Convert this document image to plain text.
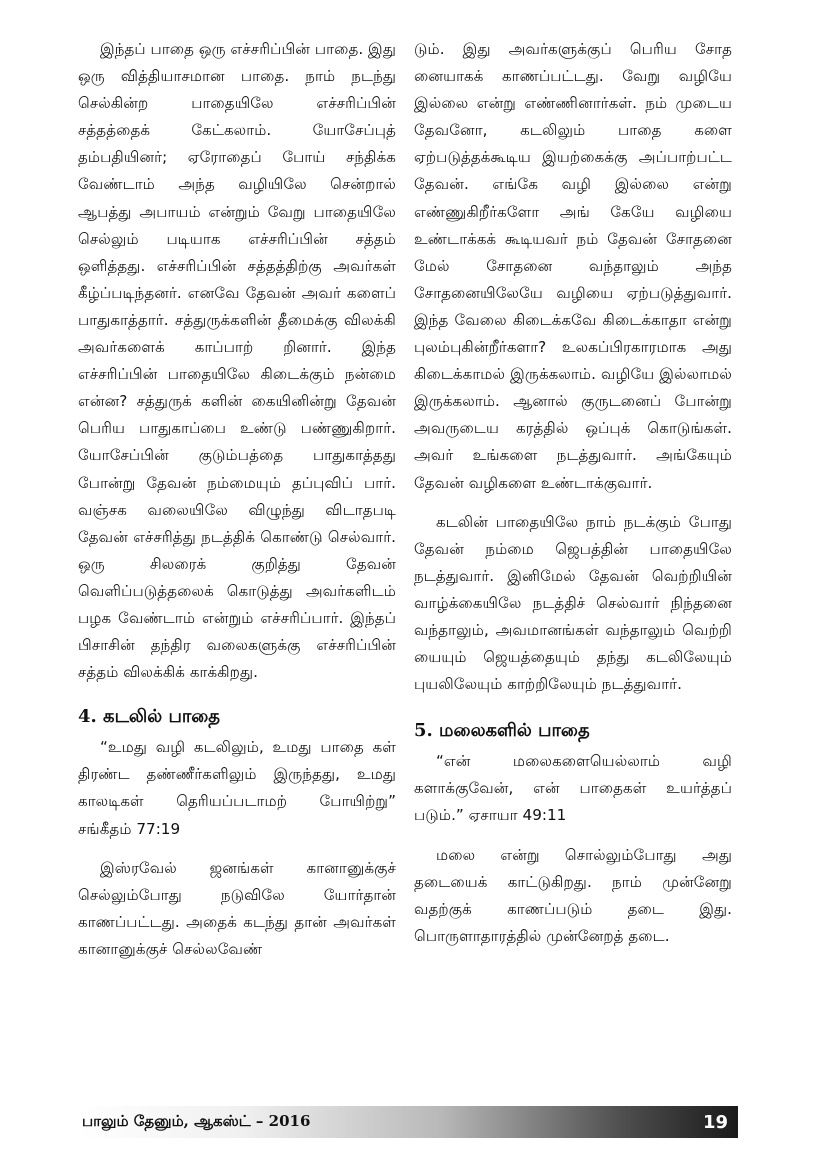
இந்தப் பாதை ஒரு எச்சரிப்பின் பாதை. இது ஒரு வித்தியாசமான பாதை. நாம் நடந்து செல்கின்ற பாதையிலே எச்சரிப்பின் சத்தத்தைக் கேட்கலாம். யோசேப்புத் தம்பதியினர்; ஏரோதைப் போய் சந்திக்க வேண்டாம் அந்த வழியிலே சென்றால் ஆபத்து அபாயம் என்றும் வேறு பாதையிலே செல்லும் படியாக எச்சரிப்பின் சத்தம் ஒளித்தது. எச்சரிப்பின் சத்தத்திற்கு அவர்கள் கீழ்ப்படிந்தனர். எனவே தேவன் அவர் களைப் பாதுகாத்தார். சத்துருக்களின் தீமைக்கு விலக்கி அவர்களைக் காப்பாற் றினார். இந்த எச்சரிப்பின் பாதையிலே கிடைக்கும் நன்மை என்ன? சத்துருக் களின் கையினின்று தேவன் பெரிய பாதுகாப்பை உண்டு பண்ணுகிறார். யோசேப்பின் குடும்பத்தை பாதுகாத்தது போன்று தேவன் நம்மையும் தப்புவிப் பார். வஞ்சக வலையிலே விழுந்து விடாதபடி தேவன் எச்சரித்து நடத்திக் கொண்டு செல்வார். ஒரு சிலரைக் குறித்து தேவன் வெளிப்படுத்தலைக் கொடுத்து அவர்களிடம் பழக வேண்டாம் என்றும் எச்சரிப்பார். இந்தப் பிசாசின் தந்திர வலைகளுக்கு எச்சரிப்பின் சத்தம் விலக்கிக் காக்கிறது.

4. கடலில் பாதை

“உமது வழி கடலிலும், உமது பாதை கள் திரண்ட தண்ணீர்களிலும் இருந்தது, உமது காலடிகள் தெரியப்படாமற் போயிற்று” சங்கீதம் 77:19

இஸ்ரவேல் ஜனங்கள் கானானுக்குச் செல்லும்போது நடுவிலே யோர்தான் காணப்பட்டது. அதைக் கடந்து தான் அவர்கள் கானானுக்குச் செல்லவேண்

டும். இது அவர்களுக்குப் பெரிய சோத னையாகக் காணப்பட்டது. வேறு வழியே இல்லை என்று எண்ணினார்கள். நம் முடைய தேவனோ, கடலிலும் பாதை களை ஏற்படுத்தக்கூடிய இயற்கைக்கு அப்பாற்பட்ட தேவன். எங்கே வழி இல்லை என்று எண்ணுகிறீர்களோ அங் கேயே வழியை உண்டாக்கக் கூடியவர் நம் தேவன் சோதனை மேல் சோதனை வந்தாலும் அந்த சோதனையிலேயே வழியை ஏற்படுத்துவார். இந்த வேலை கிடைக்கவே கிடைக்காதா என்று புலம்புகின்றீர்களா? உலகப்பிரகாரமாக அது கிடைக்காமல் இருக்கலாம். வழியே இல்லாமல் இருக்கலாம். ஆனால் குருடனைப் போன்று அவருடைய கரத்தில் ஒப்புக் கொடுங்கள். அவர் உங்களை நடத்துவார். அங்கேயும் தேவன் வழிகளை உண்டாக்குவார்.

கடலின் பாதையிலே நாம் நடக்கும் போது தேவன் நம்மை ஜெபத்தின் பாதையிலே நடத்துவார். இனிமேல் தேவன் வெற்றியின் வாழ்க்கையிலே நடத்திச் செல்வார் நிந்தனை வந்தாலும், அவமானங்கள் வந்தாலும் வெற்றி யையும் ஜெயத்தையும் தந்து கடலிலேயும் புயலிலேயும் காற்றிலேயும் நடத்துவார்.

5. மலைகளில் பாதை

“என் மலைகளையெல்லாம் வழி களாக்குவேன், என் பாதைகள் உயர்த்தப் படும்.” ஏசாயா 49:11

மலை என்று சொல்லும்போது அது தடையைக் காட்டுகிறது. நாம் முன்னேறு வதற்குக் காணப்படும் தடை இது. பொருளாதாரத்தில் முன்னேறத் தடை.

பாலும் தேனும், ஆகஸ்ட் – 2016	19
